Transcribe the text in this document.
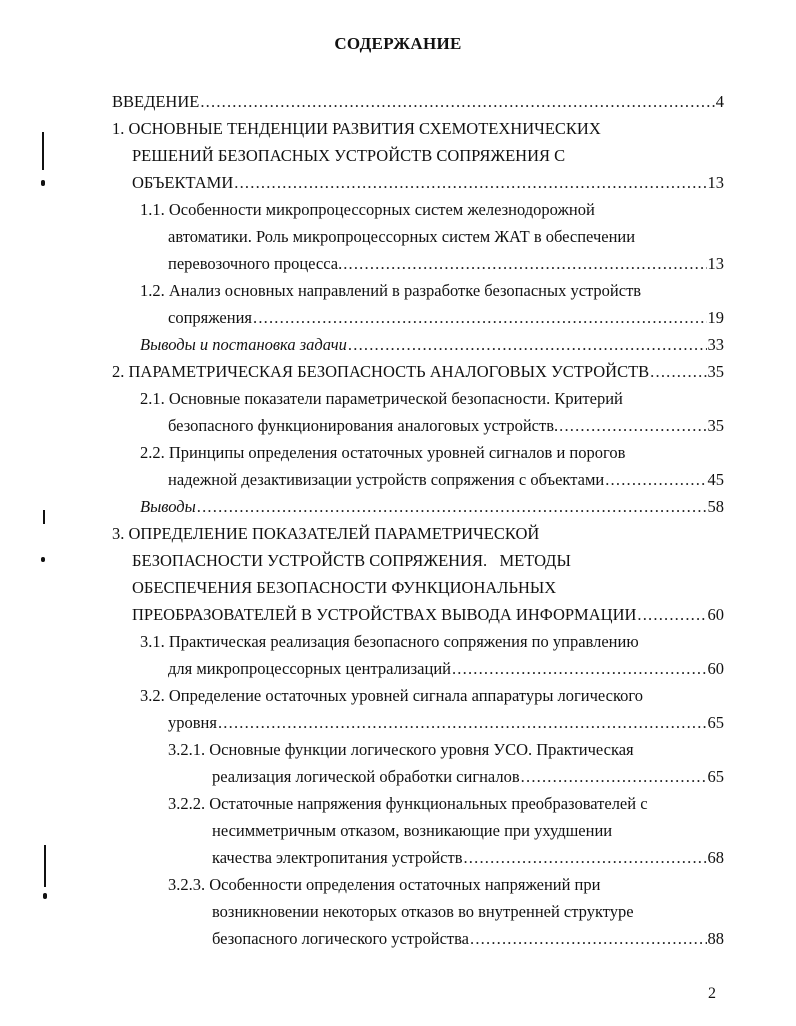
СОДЕРЖАНИЕ
ВВЕДЕНИЕ .....	4
1. ОСНОВНЫЕ ТЕНДЕНЦИИ РАЗВИТИЯ СХЕМОТЕХНИЧЕСКИХ
РЕШЕНИЙ БЕЗОПАСНЫХ УСТРОЙСТВ СОПРЯЖЕНИЯ С
ОБЪЕКТАМИ .....	13
1.1. Особенности микропроцессорных систем железнодорожной
автоматики. Роль микропроцессорных систем ЖАТ в обеспечении
перевозочного процесса. .....	13
1.2. Анализ основных направлений в разработке безопасных устройств
сопряжения .....	19
Выводы и постановка задачи .....	33
2. ПАРАМЕТРИЧЕСКАЯ БЕЗОПАСНОСТЬ АНАЛОГОВЫХ УСТРОЙСТВ .....	35
2.1. Основные показатели параметрической безопасности. Критерий
безопасного функционирования аналоговых устройств. .....	35
2.2. Принципы определения остаточных уровней сигналов и порогов
надежной дезактивизации устройств сопряжения с объектами .....	45
Выводы .....	58
3. ОПРЕДЕЛЕНИЕ ПОКАЗАТЕЛЕЙ ПАРАМЕТРИЧЕСКОЙ
БЕЗОПАСНОСТИ УСТРОЙСТВ СОПРЯЖЕНИЯ.   МЕТОДЫ
ОБЕСПЕЧЕНИЯ БЕЗОПАСНОСТИ ФУНКЦИОНАЛЬНЫХ
ПРЕОБРАЗОВАТЕЛЕЙ В УСТРОЙСТВАХ ВЫВОДА ИНФОРМАЦИИ .....	60
3.1. Практическая реализация безопасного сопряжения по управлению
для микропроцессорных централизаций .....	60
3.2. Определение остаточных уровней сигнала аппаратуры логического
уровня .....	65
3.2.1. Основные функции логического уровня УСО. Практическая
реализация логической обработки сигналов .....	65
3.2.2. Остаточные напряжения функциональных преобразователей с
несимметричным отказом, возникающие при ухудшении
качества электропитания устройств .....	68
3.2.3. Особенности определения остаточных напряжений при
возникновении некоторых отказов во внутренней структуре
безопасного логического устройства .....	88
2
